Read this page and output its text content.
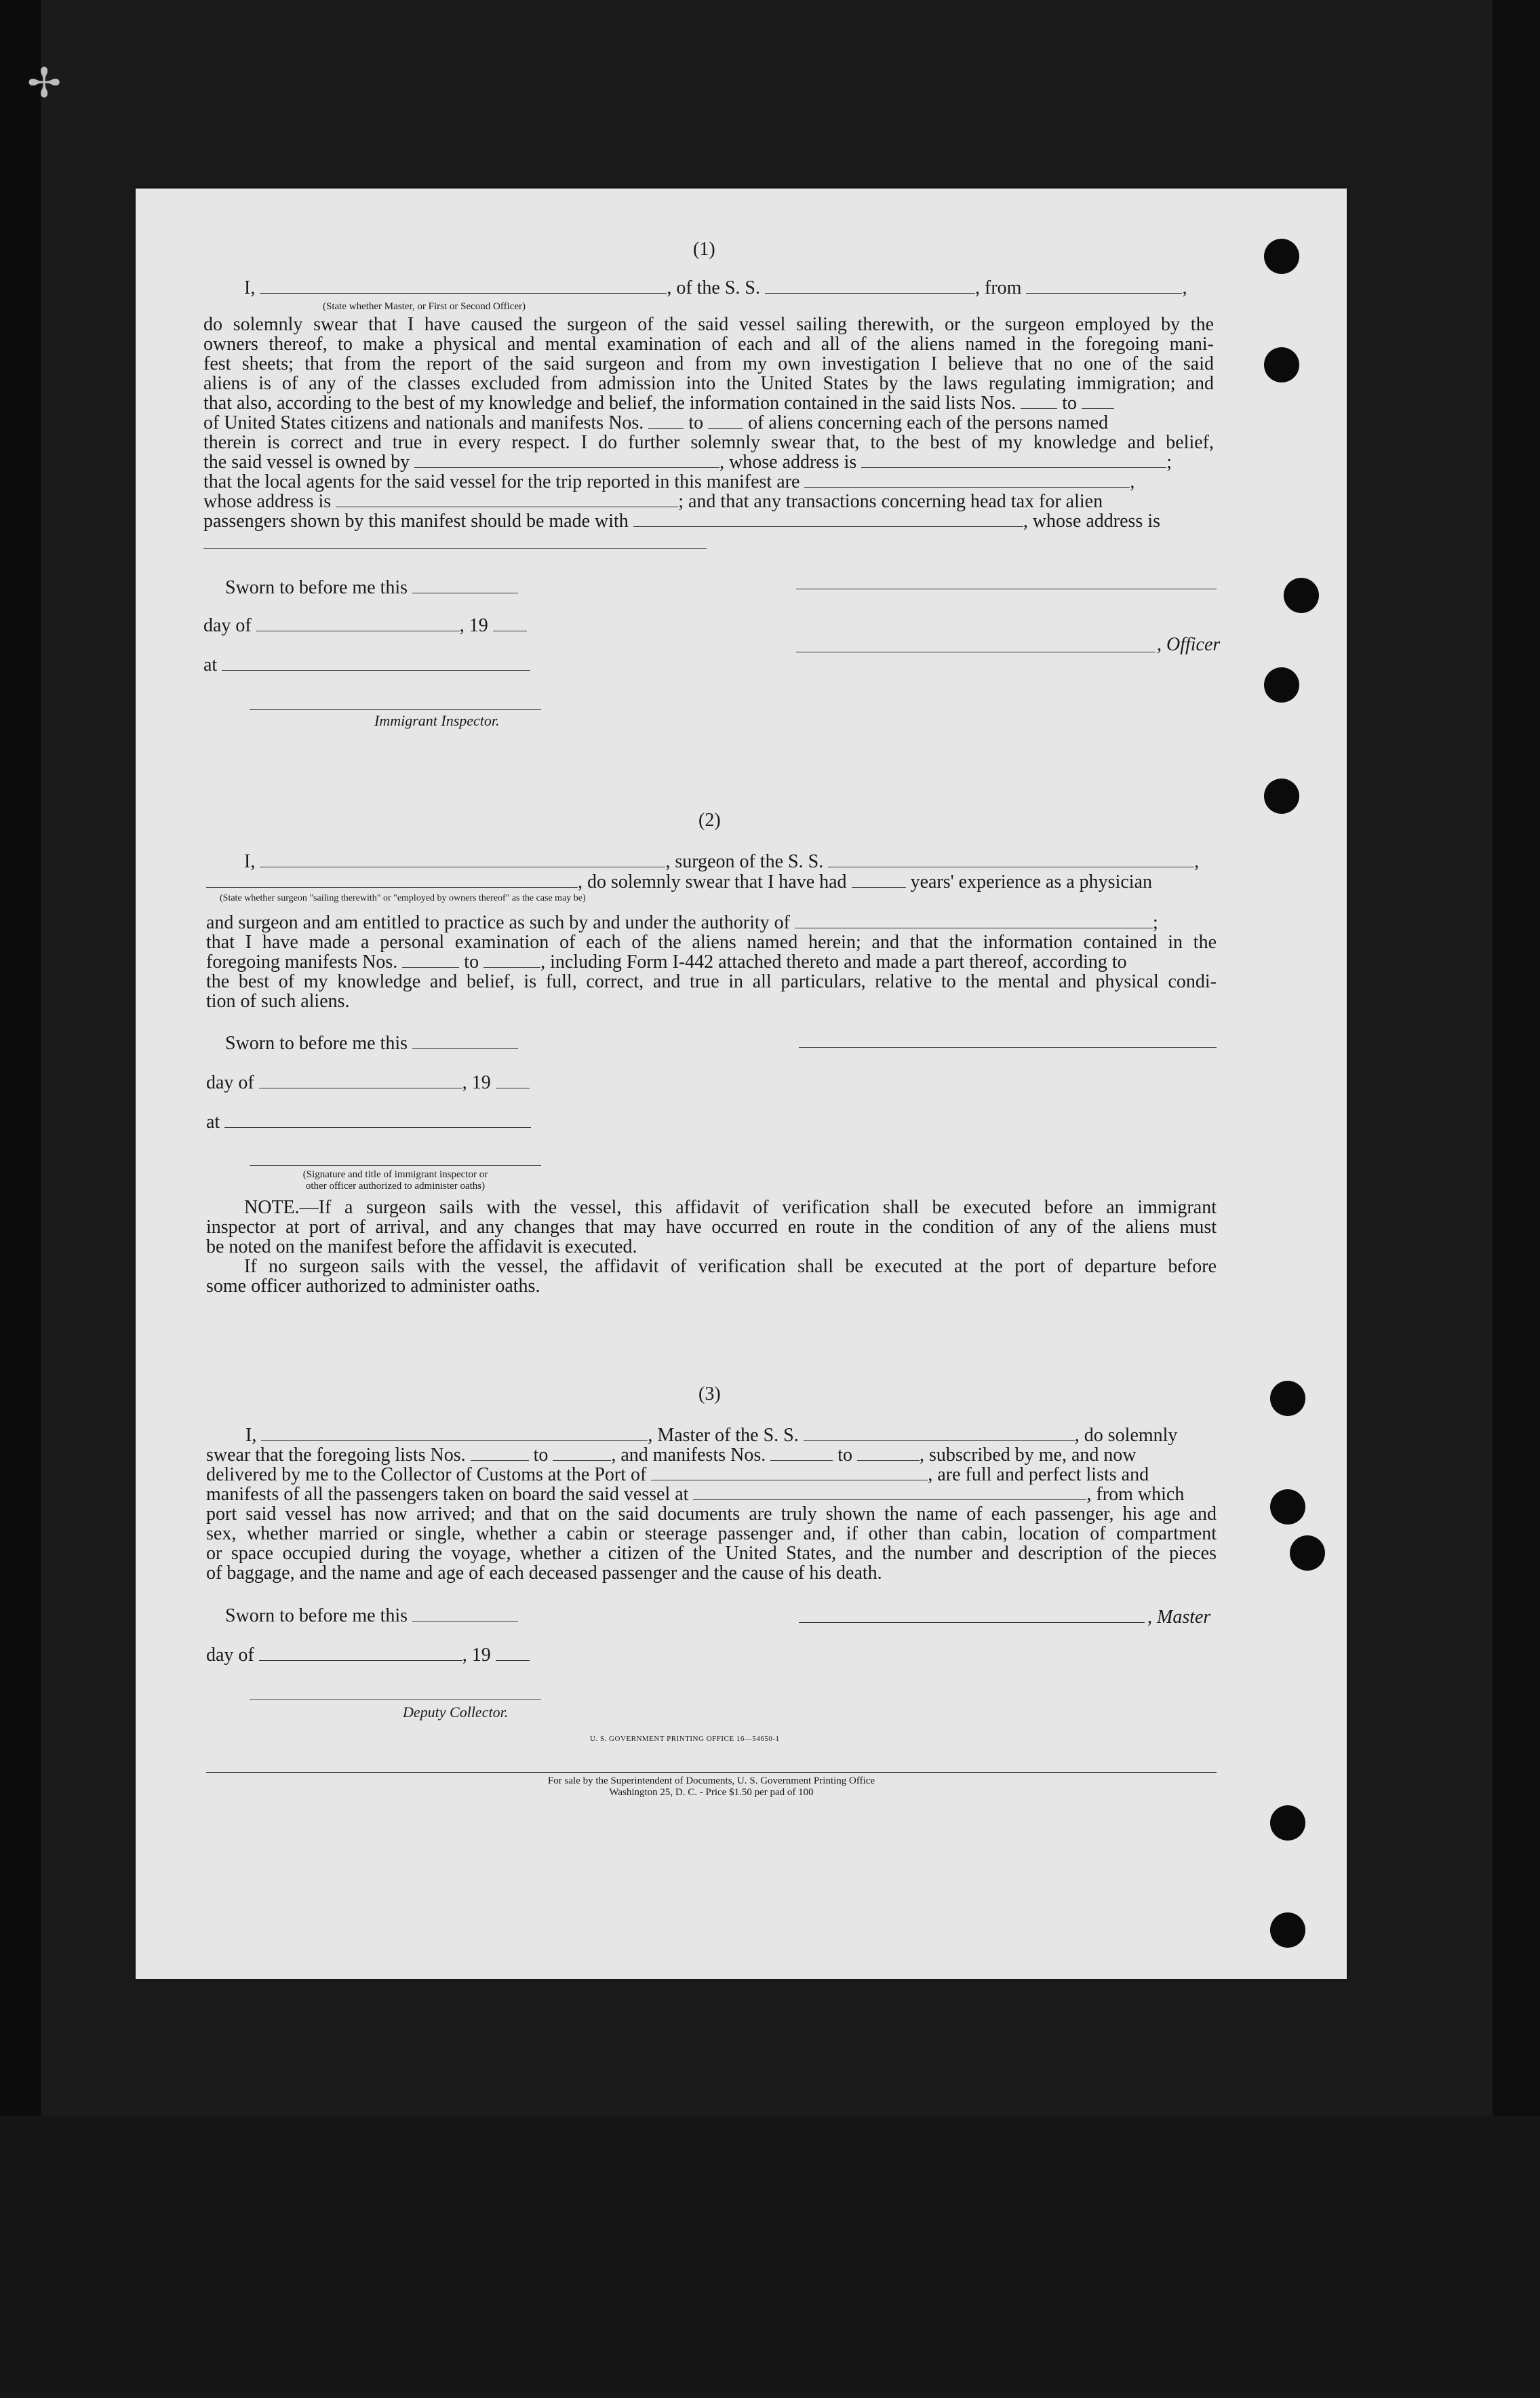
✢
(1)
I,	, of the S. S.	, from	,
(State whether Master, or First or Second Officer)
do solemnly swear that I have caused the surgeon of the said vessel sailing therewith, or the surgeon employed by the
owners thereof, to make a physical and mental examination of each and all of the aliens named in the foregoing mani-
fest sheets; that from the report of the said surgeon and from my own investigation I believe that no one of the said
aliens is of any of the classes excluded from admission into the United States by the laws regulating immigration; and
that also, according to the best of my knowledge and belief, the information contained in the said lists Nos. to
of United States citizens and nationals and manifests Nos. to of aliens concerning each of the persons named
therein is correct and true in every respect. I do further solemnly swear that, to the best of my knowledge and belief,
the said vessel is owned by	, whose address is	;
that the local agents for the said vessel for the trip reported in this manifest are	,
whose address is	; and that any transactions concerning head tax for alien
passengers shown by this manifest should be made with	, whose address is
Sworn to before me this
day of	, 19
at
Immigrant Inspector.
, Officer
(2)
I,	, surgeon of the S. S.	,
, do solemnly swear that I have had	years' experience as a physician
(State whether surgeon "sailing therewith" or "employed by owners thereof" as the case may be)
and surgeon and am entitled to practice as such by and under the authority of	;
that I have made a personal examination of each of the aliens named herein; and that the information contained in the
foregoing manifests Nos.	to	, including Form I-442 attached thereto and made a part thereof, according to
the best of my knowledge and belief, is full, correct, and true in all particulars, relative to the mental and physical condi-
tion of such aliens.
Sworn to before me this
day of	, 19
at
(Signature and title of immigrant inspector or
other officer authorized to administer oaths)
NOTE.—If a surgeon sails with the vessel, this affidavit of verification shall be executed before an immigrant
inspector at port of arrival, and any changes that may have occurred en route in the condition of any of the aliens must
be noted on the manifest before the affidavit is executed.
If no surgeon sails with the vessel, the affidavit of verification shall be executed at the port of departure before
some officer authorized to administer oaths.
(3)
I,	, Master of the S. S.	, do solemnly
swear that the foregoing lists Nos.	to	, and manifests Nos.	to	, subscribed by me, and now
delivered by me to the Collector of Customs at the Port of	, are full and perfect lists and
manifests of all the passengers taken on board the said vessel at	, from which
port said vessel has now arrived; and that on the said documents are truly shown the name of each passenger, his age and
sex, whether married or single, whether a cabin or steerage passenger and, if other than cabin, location of compartment
or space occupied during the voyage, whether a citizen of the United States, and the number and description of the pieces
of baggage, and the name and age of each deceased passenger and the cause of his death.
Sworn to before me this	, Master
day of	, 19
Deputy Collector.
U. S. GOVERNMENT PRINTING OFFICE 16—54650-1
For sale by the Superintendent of Documents, U. S. Government Printing Office
Washington 25, D. C. - Price $1.50 per pad of 100
